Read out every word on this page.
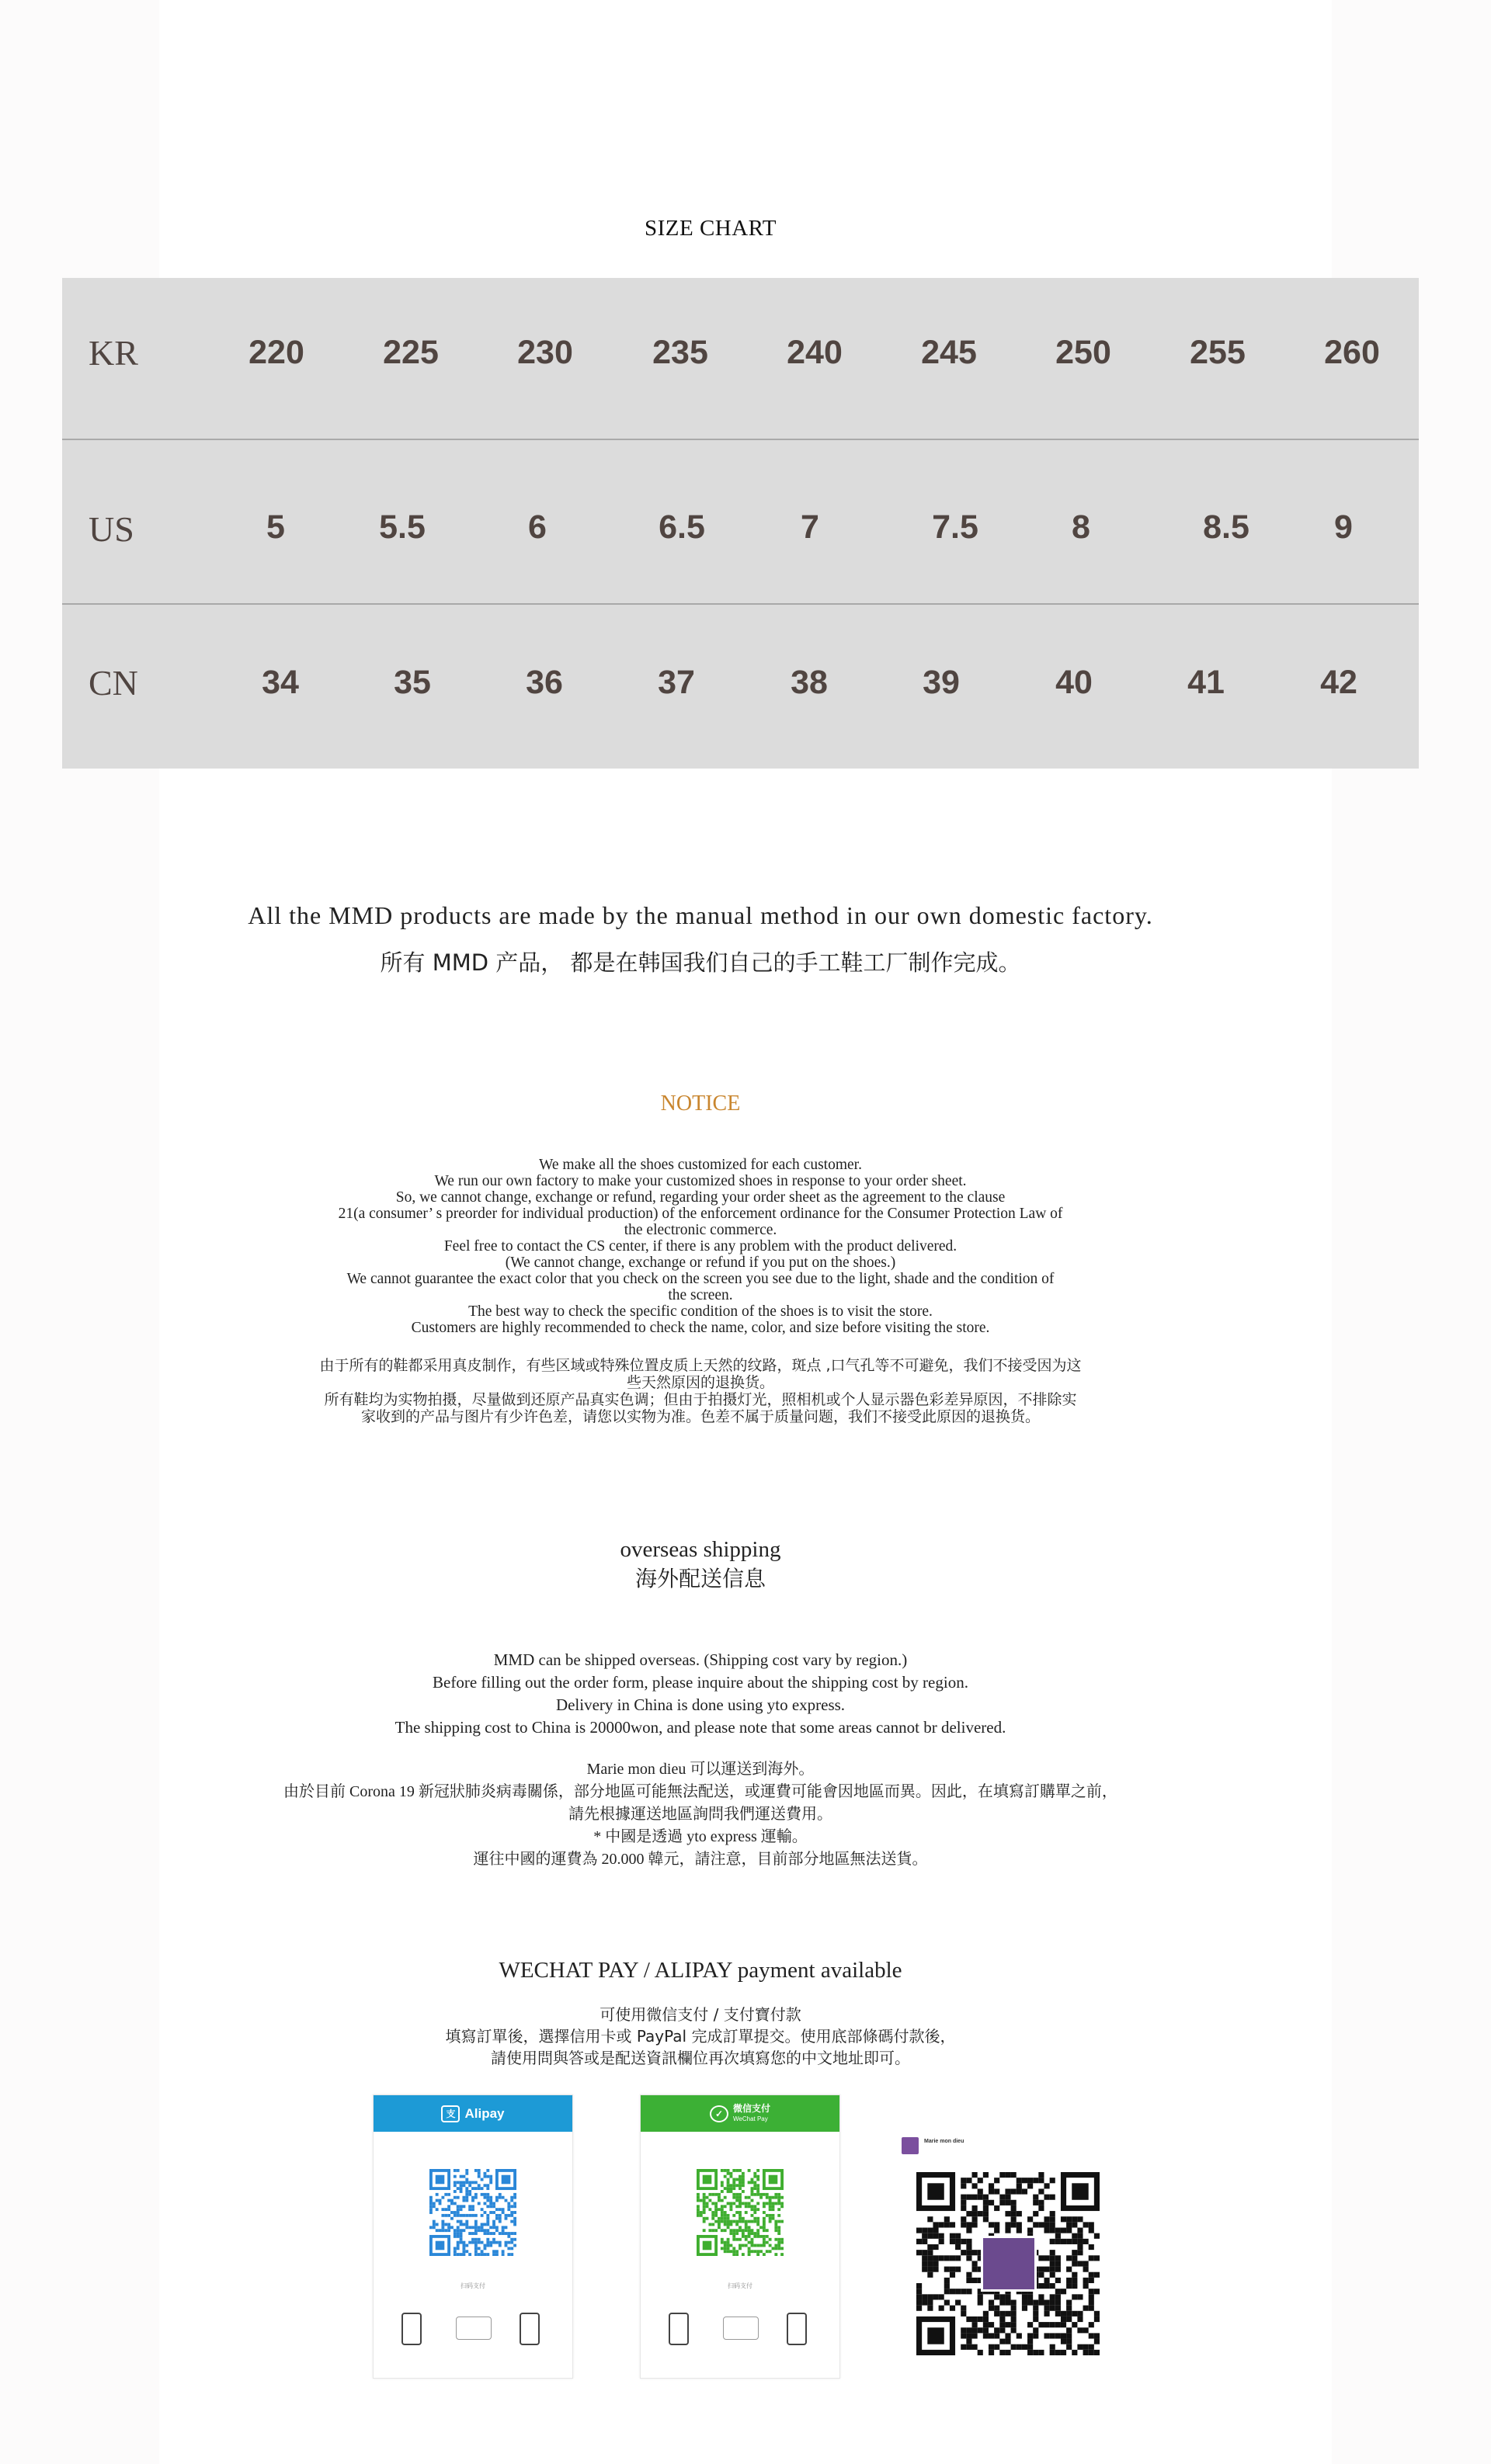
SIZE CHART
KR	220	225	230	235	240	245	250	255	260
US	5	5.5	6	6.5	7	7.5	8	8.5	9
CN	34	35	36	37	38	39	40	41	42
All the MMD products are made by the manual method in our own domestic factory.
所有 MMD 产品， 都是在韩国我们自己的手工鞋工厂制作完成。
NOTICE
We make all the shoes customized for each customer.
We run our own factory to make your customized shoes in response to your order sheet.
So, we cannot change, exchange or refund, regarding your order sheet as the agreement to the clause
21(a consumer’ s preorder for individual production) of the enforcement ordinance for the Consumer Protection Law of
the electronic commerce.
Feel free to contact the CS center, if there is any problem with the product delivered.
(We cannot change, exchange or refund if you put on the shoes.)
We cannot guarantee the exact color that you check on the screen you see due to the light, shade and the condition of
the screen.
The best way to check the specific condition of the shoes is to visit the store.
Customers are highly recommended to check the name, color, and size before visiting the store.
由于所有的鞋都采用真皮制作，有些区域或特殊位置皮质上天然的纹路，斑点 ,口气孔等不可避免，我们不接受因为这
些天然原因的退换货。
所有鞋均为实物拍摄，尽量做到还原产品真实色调；但由于拍摄灯光，照相机或个人显示器色彩差异原因，不排除实
家收到的产品与图片有少许色差，请您以实物为准。色差不属于质量问题，我们不接受此原因的退换货。
overseas shipping
海外配送信息
MMD can be shipped overseas. (Shipping cost vary by region.)
Before filling out the order form, please inquire about the shipping cost by region.
Delivery in China is done using yto express.
The shipping cost to China is 20000won, and please note that some areas cannot br delivered.
Marie mon dieu 可以運送到海外。
由於目前 Corona 19 新冠狀肺炎病毒關係，部分地區可能無法配送，或運費可能會因地區而異。因此，在填寫訂購單之前，
請先根據運送地區詢問我們運送費用。
* 中國是透過 yto express 運輸。
運往中國的運費為 20.000 韓元，請注意，目前部分地區無法送貨。
WECHAT PAY / ALIPAY payment available
可使用微信支付 / 支付寶付款
填寫訂單後，選擇信用卡或 PayPal 完成訂單提交。使用底部條碼付款後，
請使用問與答或是配送資訊欄位再次填寫您的中文地址即可。
支 Alipay
扫码支付
✓	微信支付
WeChat Pay
扫码支付
Marie mon dieu
